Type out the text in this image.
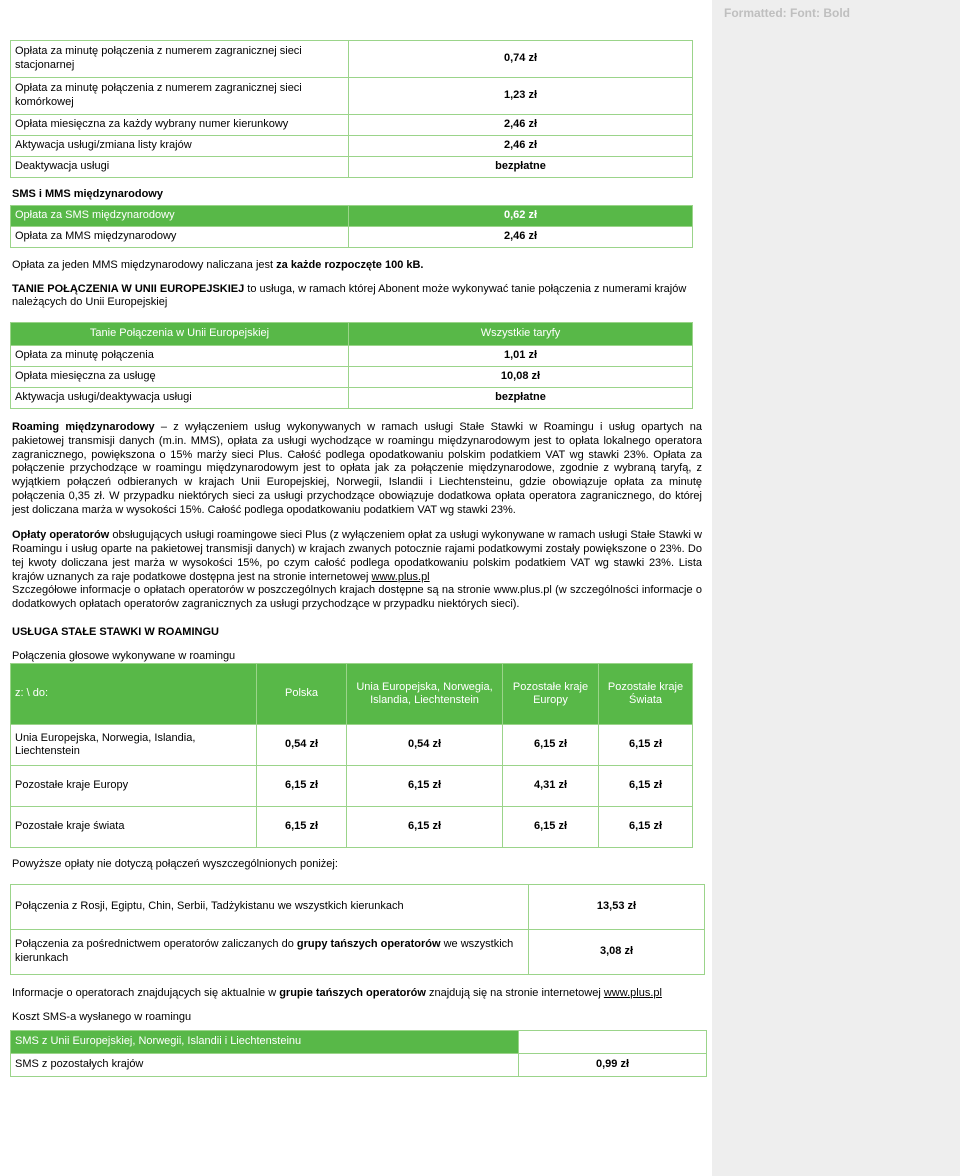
Formatted: Font: Bold
Opłata za minutę połączenia z numerem zagranicznej sieci stacjonarnej	0,74 zł
Opłata za minutę połączenia z numerem zagranicznej sieci komórkowej	1,23 zł
Opłata miesięczna za każdy wybrany numer kierunkowy	2,46 zł
Aktywacja usługi/zmiana listy krajów	2,46 zł
Deaktywacja usługi	bezpłatne
SMS i MMS międzynarodowy
Opłata za SMS międzynarodowy	0,62 zł
Opłata za MMS międzynarodowy	2,46 zł
Opłata za jeden MMS międzynarodowy naliczana jest za każde rozpoczęte 100 kB.
TANIE POŁĄCZENIA W UNII EUROPEJSKIEJ to usługa, w ramach której Abonent może wykonywać tanie połączenia z numerami krajów należących do Unii Europejskiej
Tanie Połączenia w Unii Europejskiej	Wszystkie taryfy
Opłata za minutę połączenia	1,01 zł
Opłata miesięczna za usługę	10,08 zł
Aktywacja usługi/deaktywacja usługi	bezpłatne
Roaming międzynarodowy – z wyłączeniem usług wykonywanych w ramach usługi Stałe Stawki w Roamingu i usług opartych na pakietowej transmisji danych (m.in. MMS), opłata za usługi wychodzące w roamingu międzynarodowym jest to opłata lokalnego operatora zagranicznego, powiększona o 15% marży sieci Plus. Całość podlega opodatkowaniu polskim podatkiem VAT wg stawki 23%. Opłata za połączenie przychodzące w roamingu międzynarodowym jest to opłata jak za połączenie międzynarodowe, zgodnie z wybraną taryfą, z wyjątkiem połączeń odbieranych w krajach Unii Europejskiej, Norwegii, Islandii i Liechtensteinu, gdzie obowiązuje opłata za minutę połączenia 0,35 zł. W przypadku niektórych sieci za usługi przychodzące obowiązuje dodatkowa opłata operatora zagranicznego, do której jest doliczana marża w wysokości 15%. Całość podlega opodatkowaniu podatkiem VAT wg stawki 23%.
Opłaty operatorów obsługujących usługi roamingowe sieci Plus (z wyłączeniem opłat za usługi wykonywane w ramach usługi Stałe Stawki w Roamingu i usług oparte na pakietowej transmisji danych) w krajach zwanych potocznie rajami podatkowymi zostały powiększone o 23%. Do tej kwoty doliczana jest marża w wysokości 15%, po czym całość podlega opodatkowaniu polskim podatkiem VAT wg stawki 23%. Lista krajów uznanych za raje podatkowe dostępna jest na stronie internetowej www.plus.pl
Szczegółowe informacje o opłatach operatorów w poszczególnych krajach dostępne są na stronie www.plus.pl (w szczególności informacje o dodatkowych opłatach operatorów zagranicznych za usługi przychodzące w przypadku niektórych sieci).
USŁUGA STAŁE STAWKI W ROAMINGU
Połączenia głosowe wykonywane w roamingu
z: \ do:	Polska	Unia Europejska, Norwegia, Islandia, Liechtenstein	Pozostałe kraje Europy	Pozostałe kraje Świata
Unia Europejska, Norwegia, Islandia, Liechtenstein	0,54 zł	0,54 zł	6,15 zł	6,15 zł
Pozostałe kraje Europy	6,15 zł	6,15 zł	4,31 zł	6,15 zł
Pozostałe kraje świata	6,15 zł	6,15 zł	6,15 zł	6,15 zł
Powyższe opłaty nie dotyczą połączeń wyszczególnionych poniżej:
Połączenia z Rosji, Egiptu, Chin, Serbii, Tadżykistanu we wszystkich kierunkach	13,53 zł
Połączenia za pośrednictwem operatorów zaliczanych do grupy tańszych operatorów we wszystkich kierunkach	3,08 zł
Informacje o operatorach znajdujących się aktualnie w grupie tańszych operatorów znajdują się na stronie internetowej www.plus.pl
Koszt SMS-a wysłanego w roamingu
SMS z Unii Europejskiej, Norwegii, Islandii i Liechtensteinu	0,28 zł
SMS z pozostałych krajów	0,99 zł
